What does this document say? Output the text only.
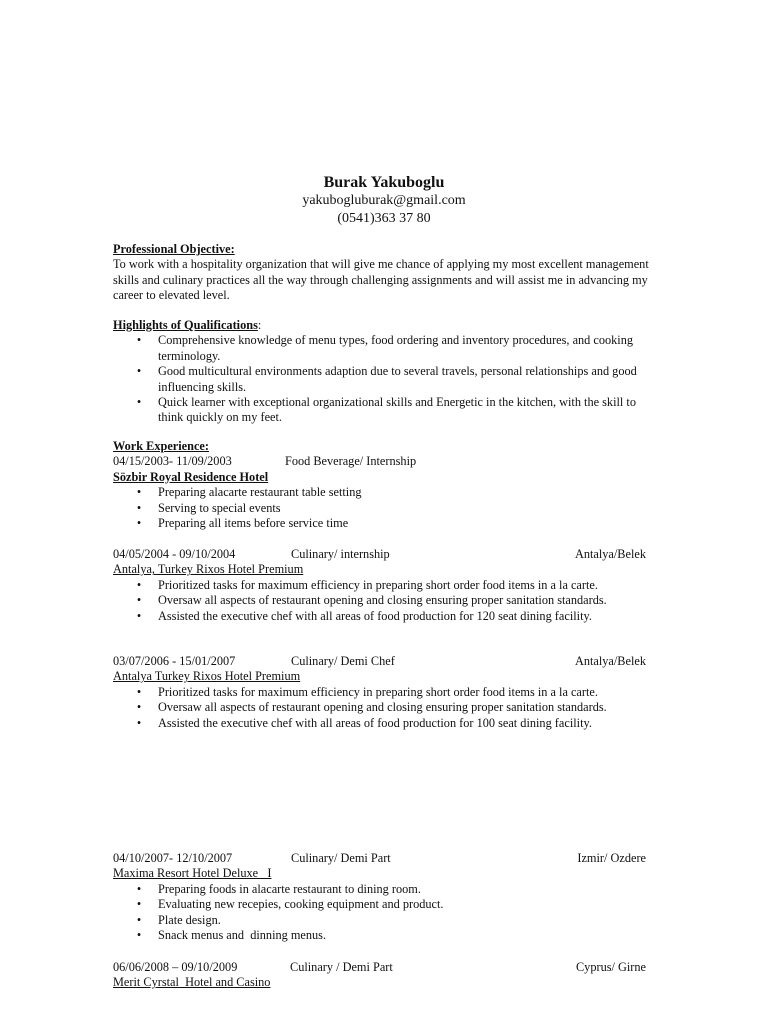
Burak Yakuboglu
yakubogluburak@gmail.com
(0541)363 37 80
Professional Objective:

To work with a hospitality organization that will give me chance of applying my most excellent management skills and culinary practices all the way through challenging assignments and will assist me in advancing my career to elevated level.

Highlights of Qualifications:
• Comprehensive knowledge of menu types, food ordering and inventory procedures, and cooking terminology.
• Good multicultural environments adaption due to several travels, personal relationships and good influencing skills.
• Quick learner with exceptional organizational skills and Energetic in the kitchen, with the skill to think quickly on my feet.
Work Experience:
04/15/2003- 11/09/2003	Food Beverage/ Internship
Sözbir Royal Residence Hotel
• Preparing alacarte restaurant table setting
• Serving to special events
• Preparing all items before service time
04/05/2004 - 09/10/2004	Culinary/ internship	Antalya/Belek
Antalya, Turkey Rixos Hotel Premium
• Prioritized tasks for maximum efficiency in preparing short order food items in a la carte.
• Oversaw all aspects of restaurant opening and closing ensuring proper sanitation standards.
• Assisted the executive chef with all areas of food production for 120 seat dining facility.
03/07/2006 - 15/01/2007	Culinary/ Demi Chef	Antalya/Belek
Antalya Turkey Rixos Hotel Premium
• Prioritized tasks for maximum efficiency in preparing short order food items in a la carte.
• Oversaw all aspects of restaurant opening and closing ensuring proper sanitation standards.
• Assisted the executive chef with all areas of food production for 100 seat dining facility.
04/10/2007- 12/10/2007	Culinary/ Demi Part	Izmir/ Ozdere
Maxima Resort Hotel Deluxe   I
• Preparing foods in alacarte restaurant to dining room.
• Evaluating new recepies, cooking equipment and product.
• Plate design.
• Snack menus and  dinning menus.
06/06/2008 – 09/10/2009	Culinary / Demi Part	Cyprus/ Girne
Merit Cyrstal  Hotel and Casino
